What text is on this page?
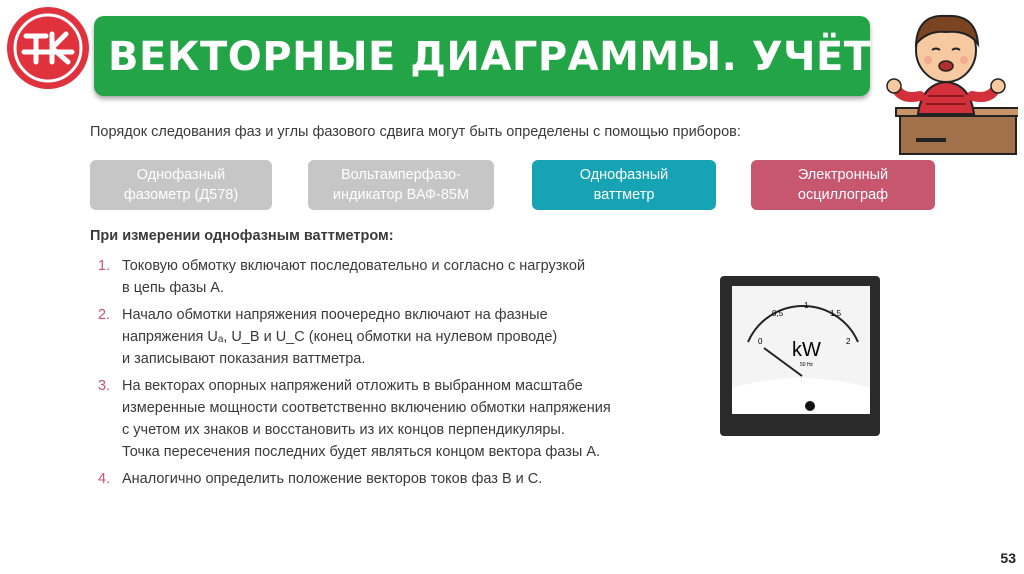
ВЕКТОРНЫЕ ДИАГРАММЫ. УЧЁТ
Порядок следования фаз и углы фазового сдвига могут быть определены с помощью приборов:
Однофазный
фазометр (Д578)
Вольтамперфазо-
индикатор ВАФ-85М
Однофазный
ваттметр
Электронный
осциллограф
При измерении однофазным ваттметром:
1. Токовую обмотку включают последовательно и согласно с нагрузкой
в цепь фазы А.
2. Начало обмотки напряжения поочередно включают на фазные
напряжения Uₐ, U_B и U_C (конец обмотки на нулевом проводе)
и записывают показания ваттметра.
3. На векторах опорных напряжений отложить в выбранном масштабе
измеренные мощности соответственно включению обмотки напряжения
с учетом их знаков и восстановить из их концов перпендикуляры.
Точка пересечения последних будет являться концом вектора фазы А.
4. Аналогично определить положение векторов токов фаз В и С.
0
0,5
1
1,5
2
kW
50 Hz
53
